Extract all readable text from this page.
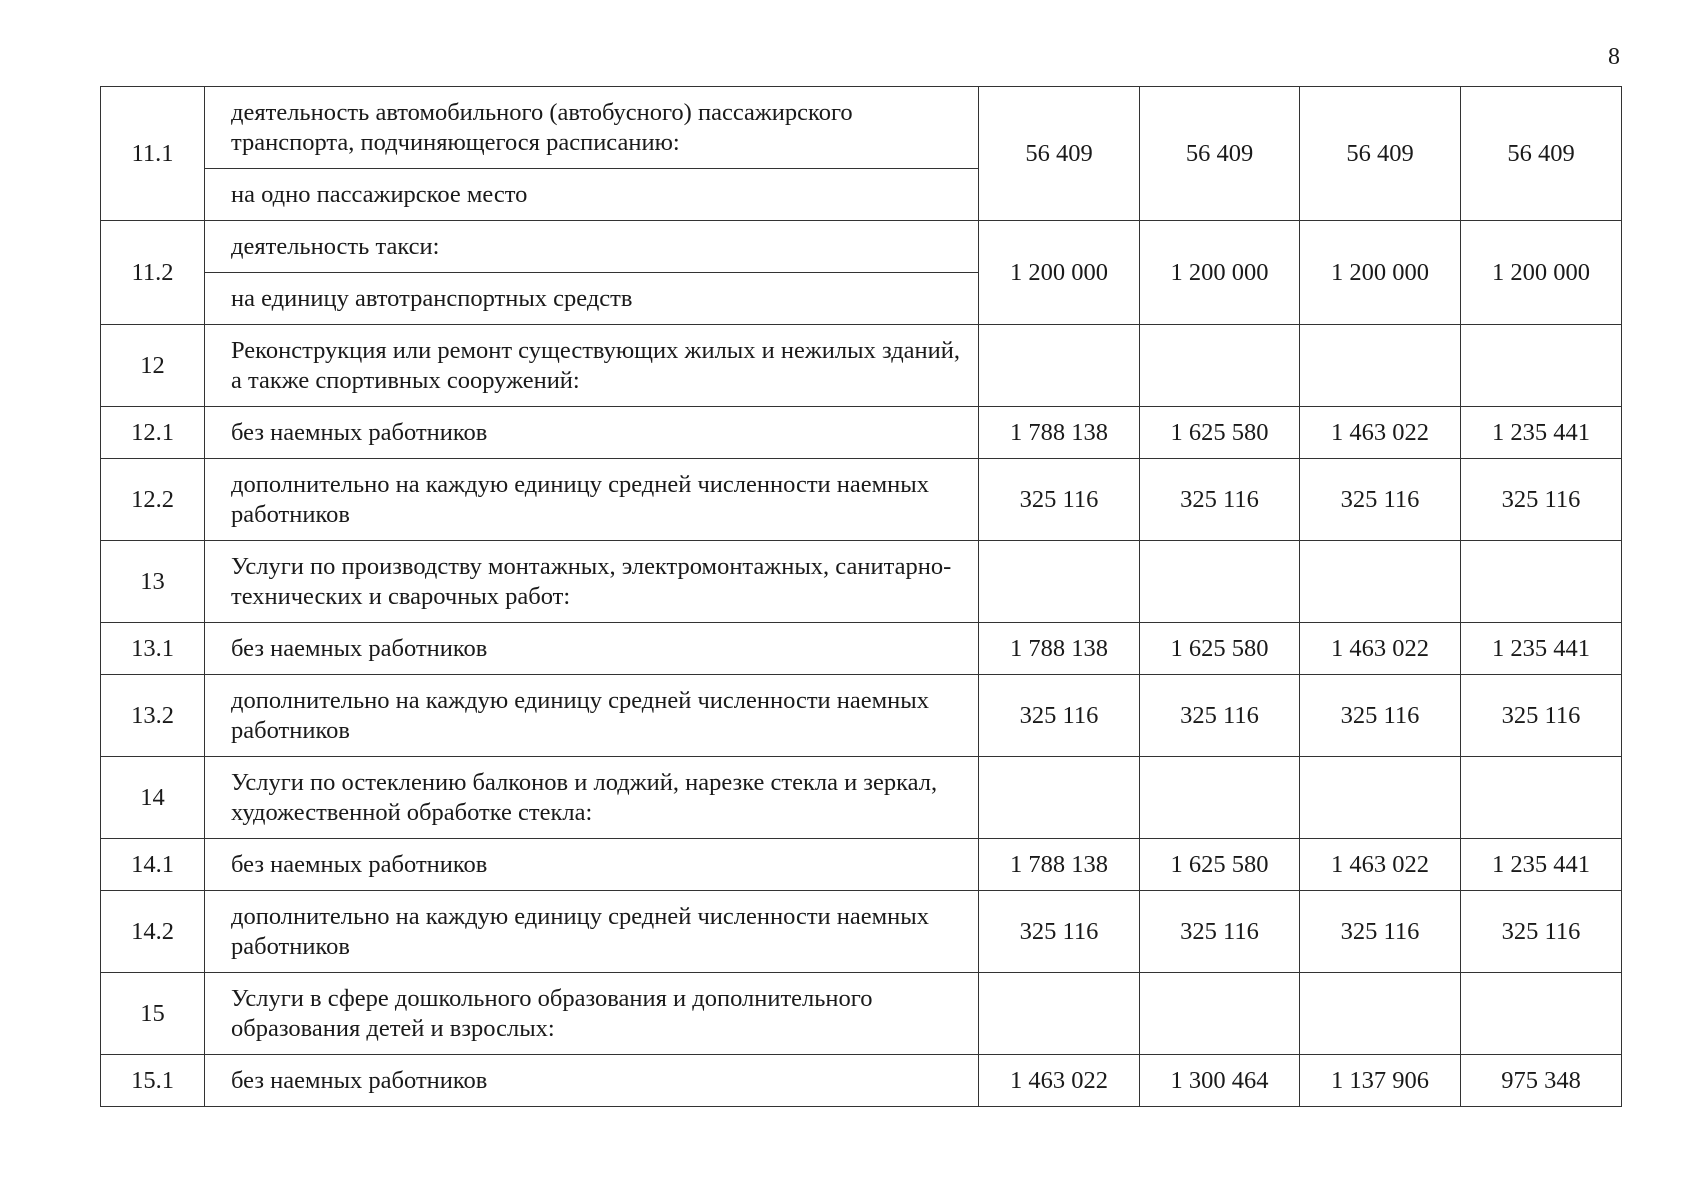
8
11.1	деятельность автомобильного (автобусного) пассажирского транспорта, подчиняющегося расписанию:	56 409	56 409	56 409	56 409
	на одно пассажирское место				
11.2	деятельность такси:	1 200 000	1 200 000	1 200 000	1 200 000
	на единицу автотранспортных средств				
12	Реконструкция или ремонт существующих жилых и нежилых зданий, а также спортивных сооружений:				
12.1	без наемных работников	1 788 138	1 625 580	1 463 022	1 235 441
12.2	дополнительно на каждую единицу средней численности наемных работников	325 116	325 116	325 116	325 116
13	Услуги по производству монтажных, электромонтажных, санитарно-технических и сварочных работ:				
13.1	без наемных работников	1 788 138	1 625 580	1 463 022	1 235 441
13.2	дополнительно на каждую единицу средней численности наемных работников	325 116	325 116	325 116	325 116
14	Услуги по остеклению балконов и лоджий, нарезке стекла и зеркал, художественной обработке стекла:				
14.1	без наемных работников	1 788 138	1 625 580	1 463 022	1 235 441
14.2	дополнительно на каждую единицу средней численности наемных работников	325 116	325 116	325 116	325 116
15	Услуги в сфере дошкольного образования и дополнительного образования детей и взрослых:				
15.1	без наемных работников	1 463 022	1 300 464	1 137 906	975 348
